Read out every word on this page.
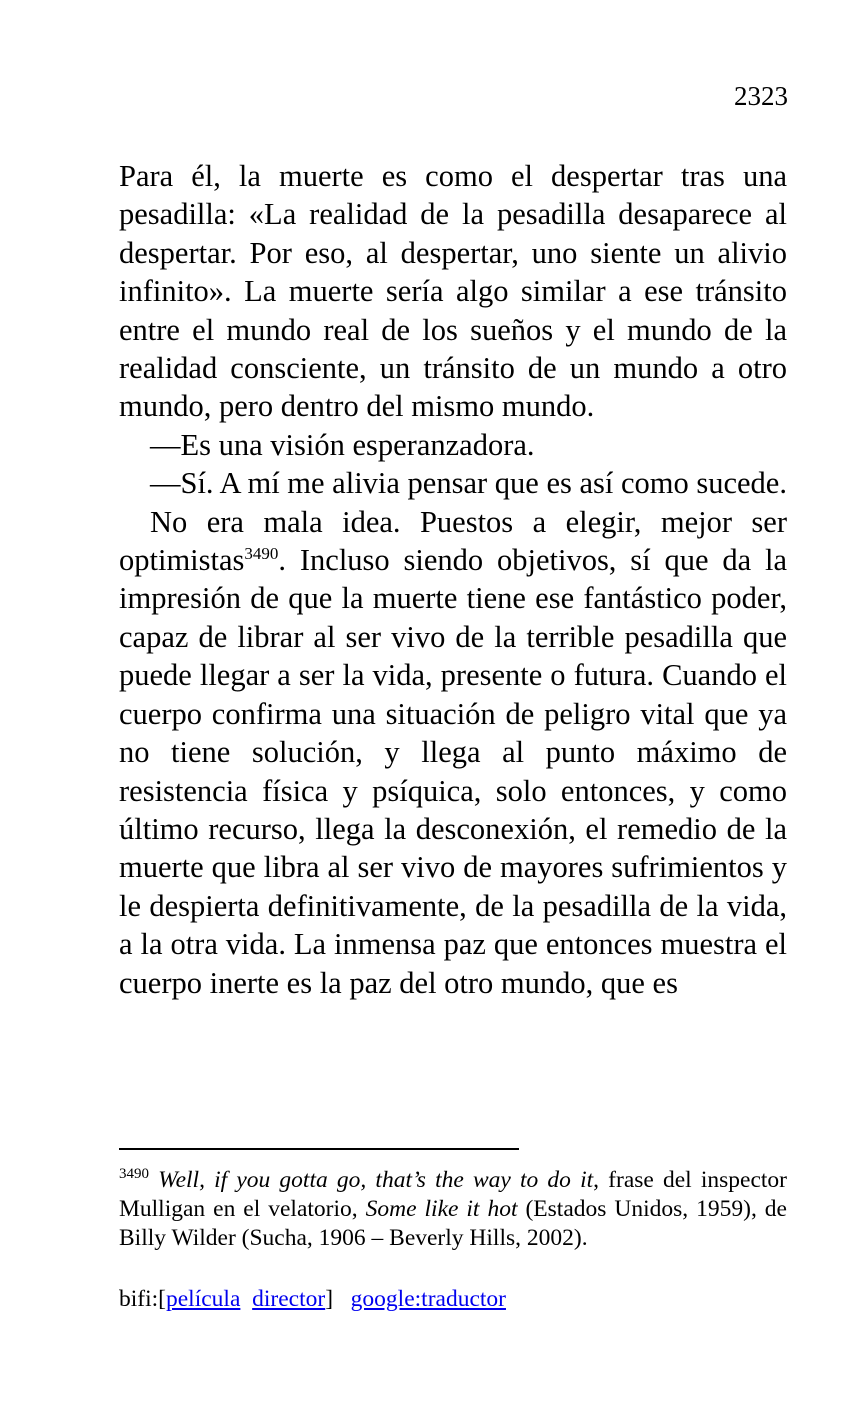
2323

Para él, la muerte es como el despertar tras una pesadilla: «La realidad de la pesadilla desaparece al despertar. Por eso, al despertar, uno siente un alivio infinito». La muerte sería algo similar a ese tránsito entre el mundo real de los sueños y el mundo de la realidad consciente, un tránsito de un mundo a otro mundo, pero dentro del mismo mundo.

—Es una visión esperanzadora.

—Sí. A mí me alivia pensar que es así como sucede.

No era mala idea. Puestos a elegir, mejor ser optimistas$^{3490}$. Incluso siendo objetivos, sí que da la impresión de que la muerte tiene ese fantástico poder, capaz de librar al ser vivo de la terrible pesadilla que puede llegar a ser la vida, presente o futura. Cuando el cuerpo confirma una situación de peligro vital que ya no tiene solución, y llega al punto máximo de resistencia física y psíquica, solo entonces, y como último recurso, llega la desconexión, el remedio de la muerte que libra al ser vivo de mayores sufrimientos y le despierta definitivamente, de la pesadilla de la vida, a la otra vida. La inmensa paz que entonces muestra el cuerpo inerte es la paz del otro mundo, que es

$^{3490}$ Well, if you gotta go, that’s the way to do it, frase del inspector Mulligan en el velatorio, Some like it hot (Estados Unidos, 1959), de Billy Wilder (Sucha, 1906 – Beverly Hills, 2002).

bifi:[película director] google:traductor
